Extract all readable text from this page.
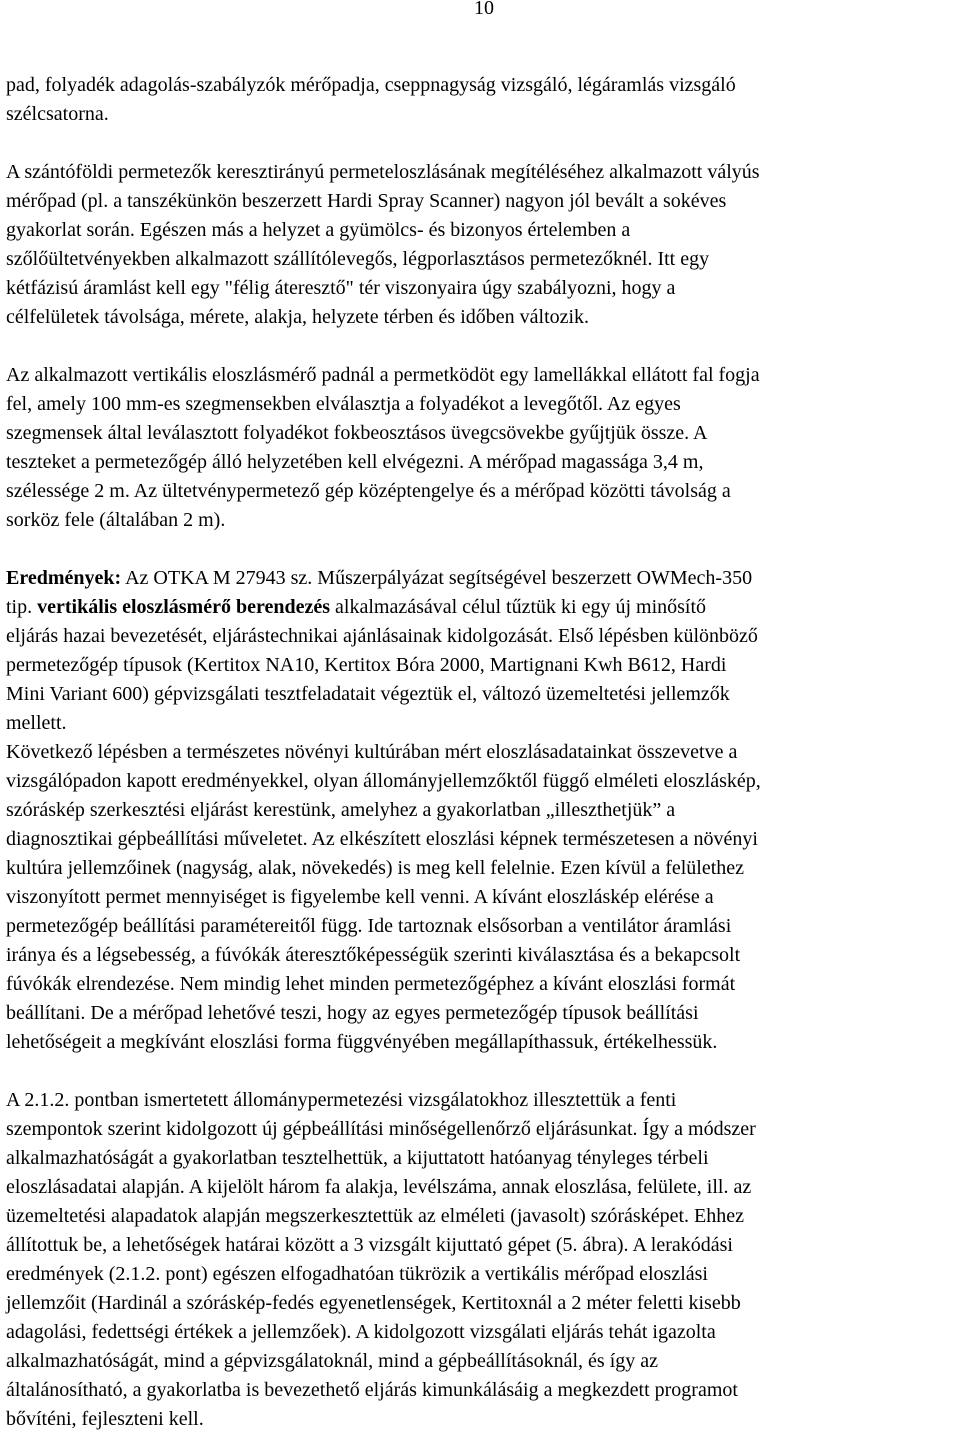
10
pad, folyadék adagolás-szabályzók mérőpadja, cseppnagyság vizsgáló, légáramlás vizsgáló
szélcsatorna.
A szántóföldi permetezők keresztirányú permeteloszlásának megítéléséhez alkalmazott vályús
mérőpad (pl. a tanszékünkön beszerzett Hardi Spray Scanner) nagyon jól bevált a sokéves
gyakorlat során. Egészen más a helyzet a gyümölcs- és bizonyos értelemben a
szőlőültetvényekben alkalmazott szállítólevegős, légporlasztásos permetezőknél. Itt egy
kétfázisú áramlást kell egy "félig áteresztő" tér viszonyaira úgy szabályozni, hogy a
célfelületek távolsága, mérete, alakja, helyzete térben és időben változik.
Az alkalmazott vertikális eloszlásmérő padnál a permetködöt egy lamellákkal ellátott fal fogja
fel, amely 100 mm-es szegmensekben elválasztja a folyadékot a levegőtől. Az egyes
szegmensek által leválasztott folyadékot fokbeosztásos üvegcsövekbe gyűjtjük össze. A
teszteket a permetezőgép álló helyzetében kell elvégezni. A mérőpad magassága 3,4 m,
szélessége 2 m. Az ültetvénypermetező gép középtengelye és a mérőpad közötti távolság a
sorköz fele (általában 2 m).
Eredmények: Az OTKA M 27943 sz. Műszerpályázat segítségével beszerzett OWMech-350
tip. vertikális eloszlásmérő berendezés alkalmazásával célul tűztük ki egy új minősítő
eljárás hazai bevezetését, eljárástechnikai ajánlásainak kidolgozását. Első lépésben különböző
permetezőgép típusok (Kertitox NA10, Kertitox Bóra 2000, Martignani Kwh B612, Hardi
Mini Variant 600) gépvizsgálati tesztfeladatait végeztük el, változó üzemeltetési jellemzők
mellett.
Következő lépésben a természetes növényi kultúrában mért eloszlásadatainkat összevetve a
vizsgálópadon kapott eredményekkel, olyan állományjellemzőktől függő elméleti eloszláskép,
szóráskép szerkesztési eljárást kerestünk, amelyhez a gyakorlatban „illeszthetjük” a
diagnosztikai gépbeállítási műveletet. Az elkészített eloszlási képnek természetesen a növényi
kultúra jellemzőinek (nagyság, alak, növekedés) is meg kell felelnie. Ezen kívül a felülethez
viszonyított permet mennyiséget is figyelembe kell venni. A kívánt eloszláskép elérése a
permetezőgép beállítási paramétereitől függ. Ide tartoznak elsősorban a ventilátor áramlási
iránya és a légsebesség, a fúvókák áteresztőképességük szerinti kiválasztása és a bekapcsolt
fúvókák elrendezése. Nem mindig lehet minden permetezőgéphez a kívánt eloszlási formát
beállítani. De a mérőpad lehetővé teszi, hogy az egyes permetezőgép típusok beállítási
lehetőségeit a megkívánt eloszlási forma függvényében megállapíthassuk, értékelhessük.
A 2.1.2. pontban ismertetett állománypermetezési vizsgálatokhoz illesztettük a fenti
szempontok szerint kidolgozott új gépbeállítási minőségellenőrző eljárásunkat. Így a módszer
alkalmazhatóságát a gyakorlatban tesztelhettük, a kijuttatott hatóanyag tényleges térbeli
eloszlásadatai alapján. A kijelölt három fa alakja, levélszáma, annak eloszlása, felülete, ill. az
üzemeltetési alapadatok alapján megszerkesztettük az elméleti (javasolt) szórásképet. Ehhez
állítottuk be, a lehetőségek határai között a 3 vizsgált kijuttató gépet (5. ábra). A lerakódási
eredmények (2.1.2. pont) egészen elfogadhatóan tükrözik a vertikális mérőpad eloszlási
jellemzőit (Hardinál a szóráskép-fedés egyenetlenségek, Kertitoxnál a 2 méter feletti kisebb
adagolási, fedettségi értékek a jellemzőek). A kidolgozott vizsgálati eljárás tehát igazolta
alkalmazhatóságát, mind a gépvizsgálatoknál, mind a gépbeállításoknál, és így az
általánosítható, a gyakorlatba is bevezethető eljárás kimunkálásáig a megkezdett programot
bővíténi, fejleszteni kell.
